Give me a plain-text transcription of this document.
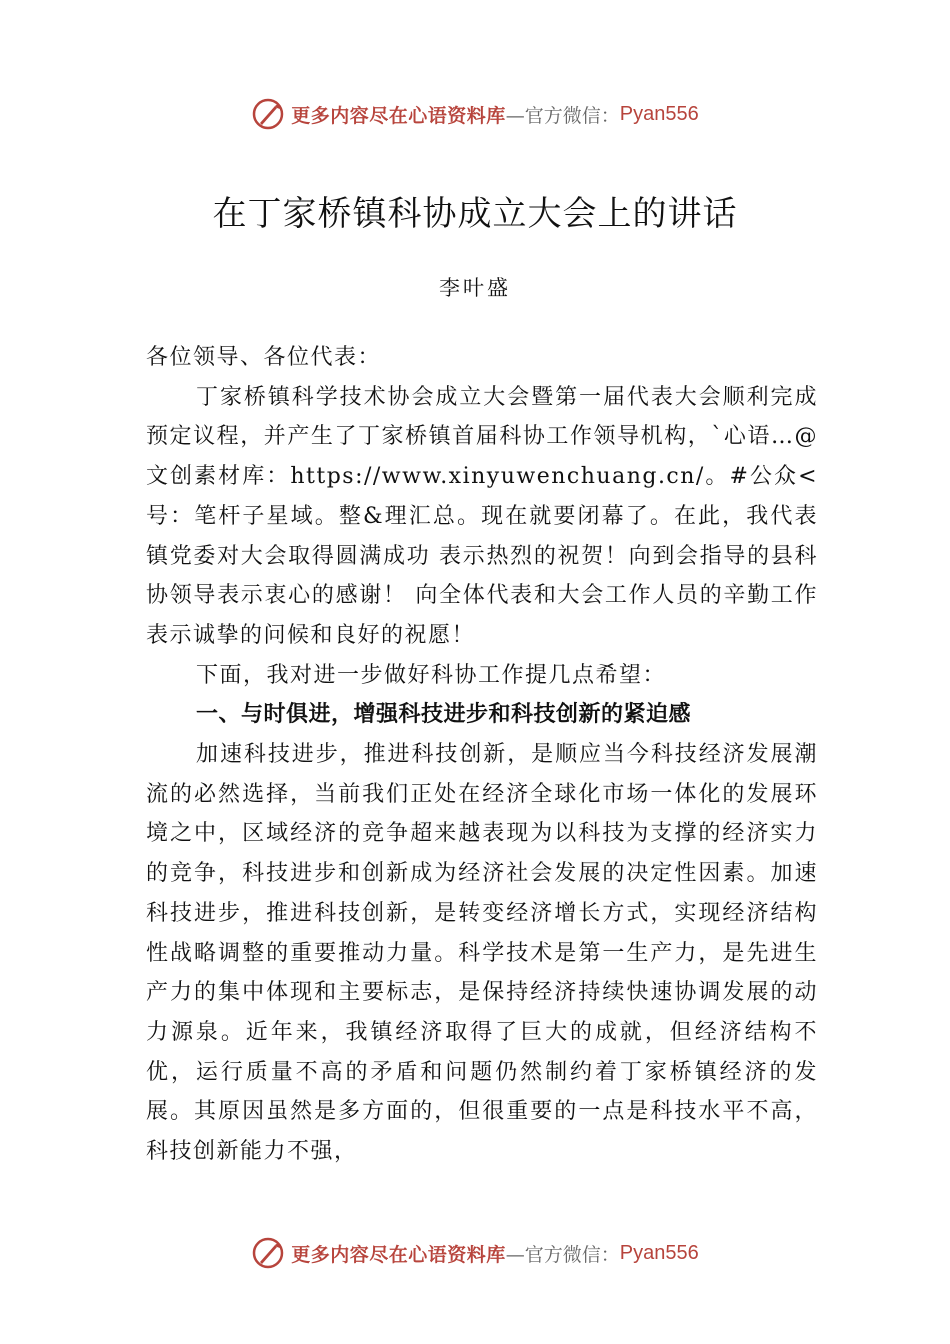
更多内容尽在心语资料库 —官方微信： Pyan556
在丁家桥镇科协成立大会上的讲话
李叶盛

各位领导、各位代表：

丁家桥镇科学技术协会成立大会暨第一届代表大会顺利完成预定议程，并产生了丁家桥镇首届科协工作领导机构，`心语…@文创素材库：https://www.xinyuwenchuang.cn/。#公众<号：笔杆子星域。整&理汇总。现在就要闭幕了。在此，我代表镇党委对大会取得圆满成功 表示热烈的祝贺！向到会指导的县科协领导表示衷心的感谢！ 向全体代表和大会工作人员的辛勤工作表示诚挚的问候和良好的祝愿！

下面，我对进一步做好科协工作提几点希望：

一、与时俱进，增强科技进步和科技创新的紧迫感

加速科技进步，推进科技创新，是顺应当今科技经济发展潮流的必然选择，当前我们正处在经济全球化市场一体化的发展环境之中，区域经济的竞争超来越表现为以科技为支撑的经济实力的竞争，科技进步和创新成为经济社会发展的决定性因素。加速科技进步，推进科技创新，是转变经济增长方式，实现经济结构性战略调整的重要推动力量。科学技术是第一生产力，是先进生产力的集中体现和主要标志，是保持经济持续快速协调发展的动力源泉。近年来，我镇经济取得了巨大的成就，但经济结构不优，运行质量不高的矛盾和问题仍然制约着丁家桥镇经济的发展。其原因虽然是多方面的，但很重要的一点是科技水平不高，科技创新能力不强，

更多内容尽在心语资料库 —官方微信： Pyan556
